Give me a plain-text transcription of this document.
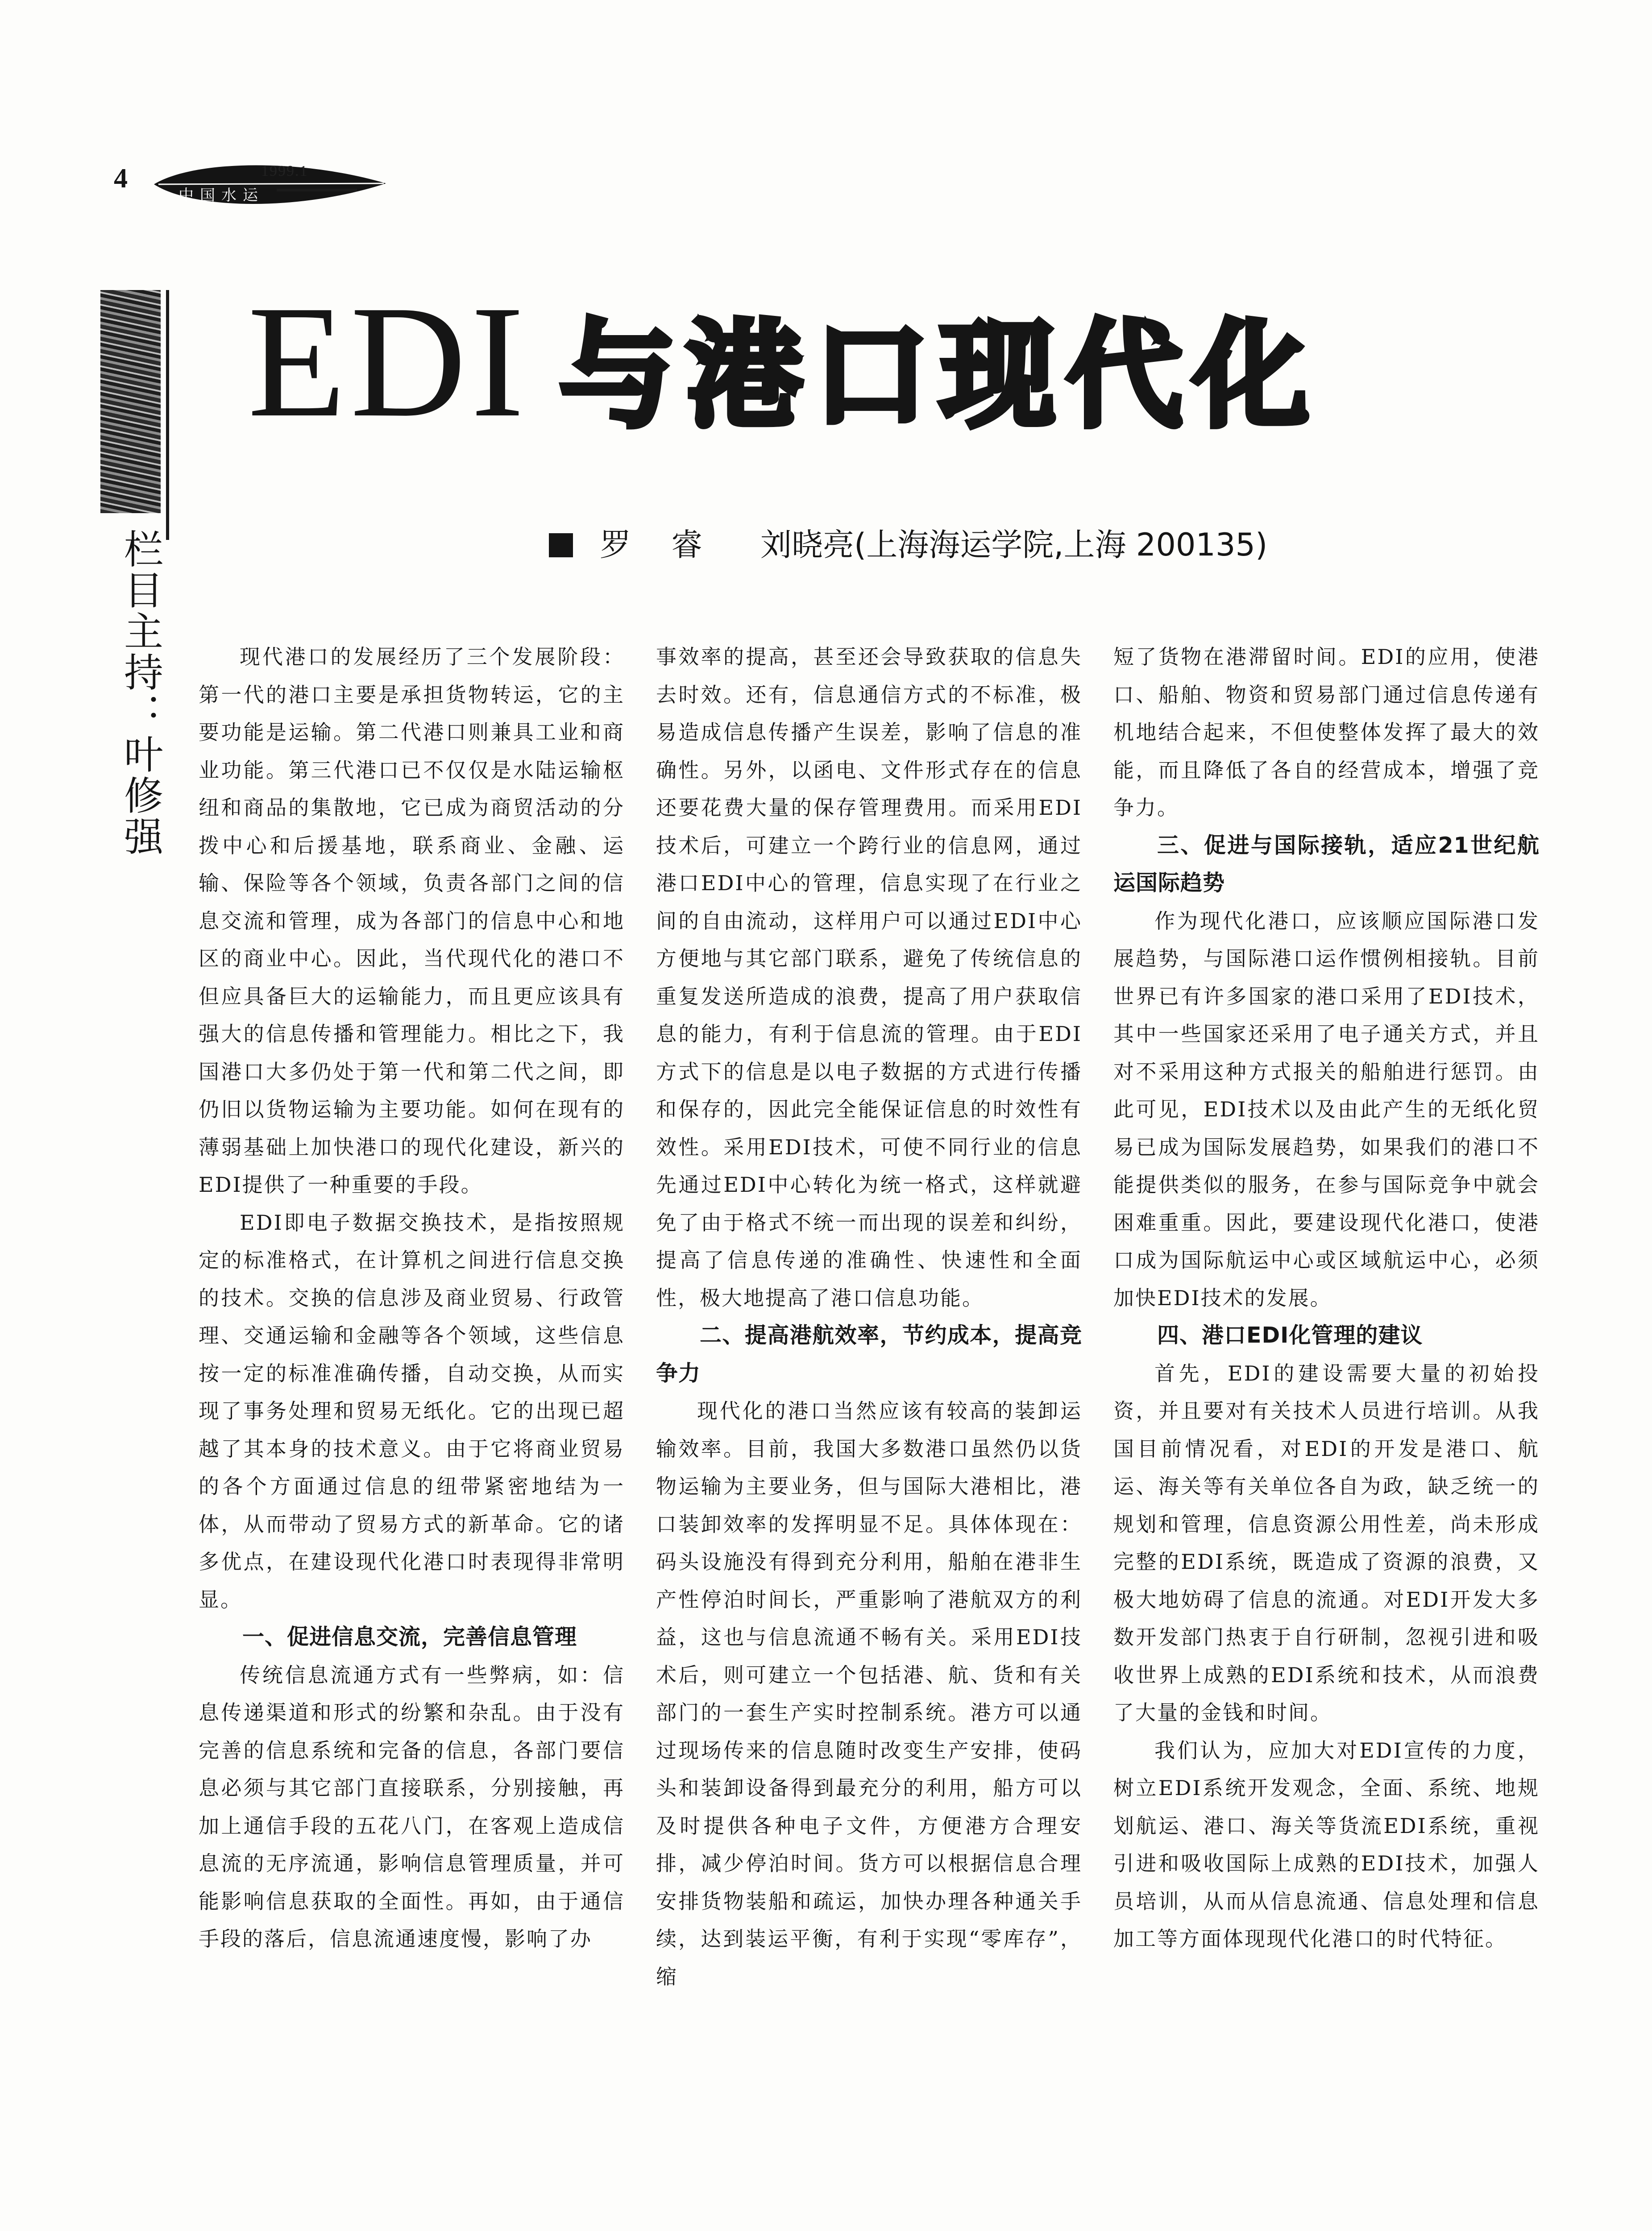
4	1999.1
中国水运
栏目主持：叶修强
EDI 与港口现代化
罗睿 刘晓亮(上海海运学院,上海 200135)

现代港口的发展经历了三个发展阶段：第一代的港口主要是承担货物转运，它的主要功能是运输。第二代港口则兼具工业和商业功能。第三代港口已不仅仅是水陆运输枢纽和商品的集散地，它已成为商贸活动的分拨中心和后援基地，联系商业、金融、运输、保险等各个领域，负责各部门之间的信息交流和管理，成为各部门的信息中心和地区的商业中心。因此，当代现代化的港口不但应具备巨大的运输能力，而且更应该具有强大的信息传播和管理能力。相比之下，我国港口大多仍处于第一代和第二代之间，即仍旧以货物运输为主要功能。如何在现有的薄弱基础上加快港口的现代化建设，新兴的EDI提供了一种重要的手段。

EDI即电子数据交换技术，是指按照规定的标准格式，在计算机之间进行信息交换的技术。交换的信息涉及商业贸易、行政管理、交通运输和金融等各个领域，这些信息按一定的标准准确传播，自动交换，从而实现了事务处理和贸易无纸化。它的出现已超越了其本身的技术意义。由于它将商业贸易的各个方面通过信息的纽带紧密地结为一体，从而带动了贸易方式的新革命。它的诸多优点，在建设现代化港口时表现得非常明显。

一、促进信息交流，完善信息管理

传统信息流通方式有一些弊病，如：信息传递渠道和形式的纷繁和杂乱。由于没有完善的信息系统和完备的信息，各部门要信息必须与其它部门直接联系，分别接触，再加上通信手段的五花八门，在客观上造成信息流的无序流通，影响信息管理质量，并可能影响信息获取的全面性。再如，由于通信手段的落后，信息流通速度慢，影响了办

事效率的提高，甚至还会导致获取的信息失去时效。还有，信息通信方式的不标准，极易造成信息传播产生误差，影响了信息的准确性。另外，以函电、文件形式存在的信息还要花费大量的保存管理费用。而采用EDI技术后，可建立一个跨行业的信息网，通过港口EDI中心的管理，信息实现了在行业之间的自由流动，这样用户可以通过EDI中心方便地与其它部门联系，避免了传统信息的重复发送所造成的浪费，提高了用户获取信息的能力，有利于信息流的管理。由于EDI方式下的信息是以电子数据的方式进行传播和保存的，因此完全能保证信息的时效性有效性。采用EDI技术，可使不同行业的信息先通过EDI中心转化为统一格式，这样就避免了由于格式不统一而出现的误差和纠纷，提高了信息传递的准确性、快速性和全面性，极大地提高了港口信息功能。

二、提高港航效率，节约成本，提高竞争力

现代化的港口当然应该有较高的装卸运输效率。目前，我国大多数港口虽然仍以货物运输为主要业务，但与国际大港相比，港口装卸效率的发挥明显不足。具体体现在：码头设施没有得到充分利用，船舶在港非生产性停泊时间长，严重影响了港航双方的利益，这也与信息流通不畅有关。采用EDI技术后，则可建立一个包括港、航、货和有关部门的一套生产实时控制系统。港方可以通过现场传来的信息随时改变生产安排，使码头和装卸设备得到最充分的利用，船方可以及时提供各种电子文件，方便港方合理安排，减少停泊时间。货方可以根据信息合理安排货物装船和疏运，加快办理各种通关手续，达到装运平衡，有利于实现“零库存”，缩

短了货物在港滞留时间。EDI的应用，使港口、船舶、物资和贸易部门通过信息传递有机地结合起来，不但使整体发挥了最大的效能，而且降低了各自的经营成本，增强了竞争力。

三、促进与国际接轨，适应21世纪航运国际趋势

作为现代化港口，应该顺应国际港口发展趋势，与国际港口运作惯例相接轨。目前世界已有许多国家的港口采用了EDI技术，其中一些国家还采用了电子通关方式，并且对不采用这种方式报关的船舶进行惩罚。由此可见，EDI技术以及由此产生的无纸化贸易已成为国际发展趋势，如果我们的港口不能提供类似的服务，在参与国际竞争中就会困难重重。因此，要建设现代化港口，使港口成为国际航运中心或区域航运中心，必须加快EDI技术的发展。

四、港口EDI化管理的建议

首先，EDI的建设需要大量的初始投资，并且要对有关技术人员进行培训。从我国目前情况看，对EDI的开发是港口、航运、海关等有关单位各自为政，缺乏统一的规划和管理，信息资源公用性差，尚未形成完整的EDI系统，既造成了资源的浪费，又极大地妨碍了信息的流通。对EDI开发大多数开发部门热衷于自行研制，忽视引进和吸收世界上成熟的EDI系统和技术，从而浪费了大量的金钱和时间。

我们认为，应加大对EDI宣传的力度，树立EDI系统开发观念，全面、系统、地规划航运、港口、海关等货流EDI系统，重视引进和吸收国际上成熟的EDI技术，加强人员培训，从而从信息流通、信息处理和信息加工等方面体现现代化港口的时代特征。
